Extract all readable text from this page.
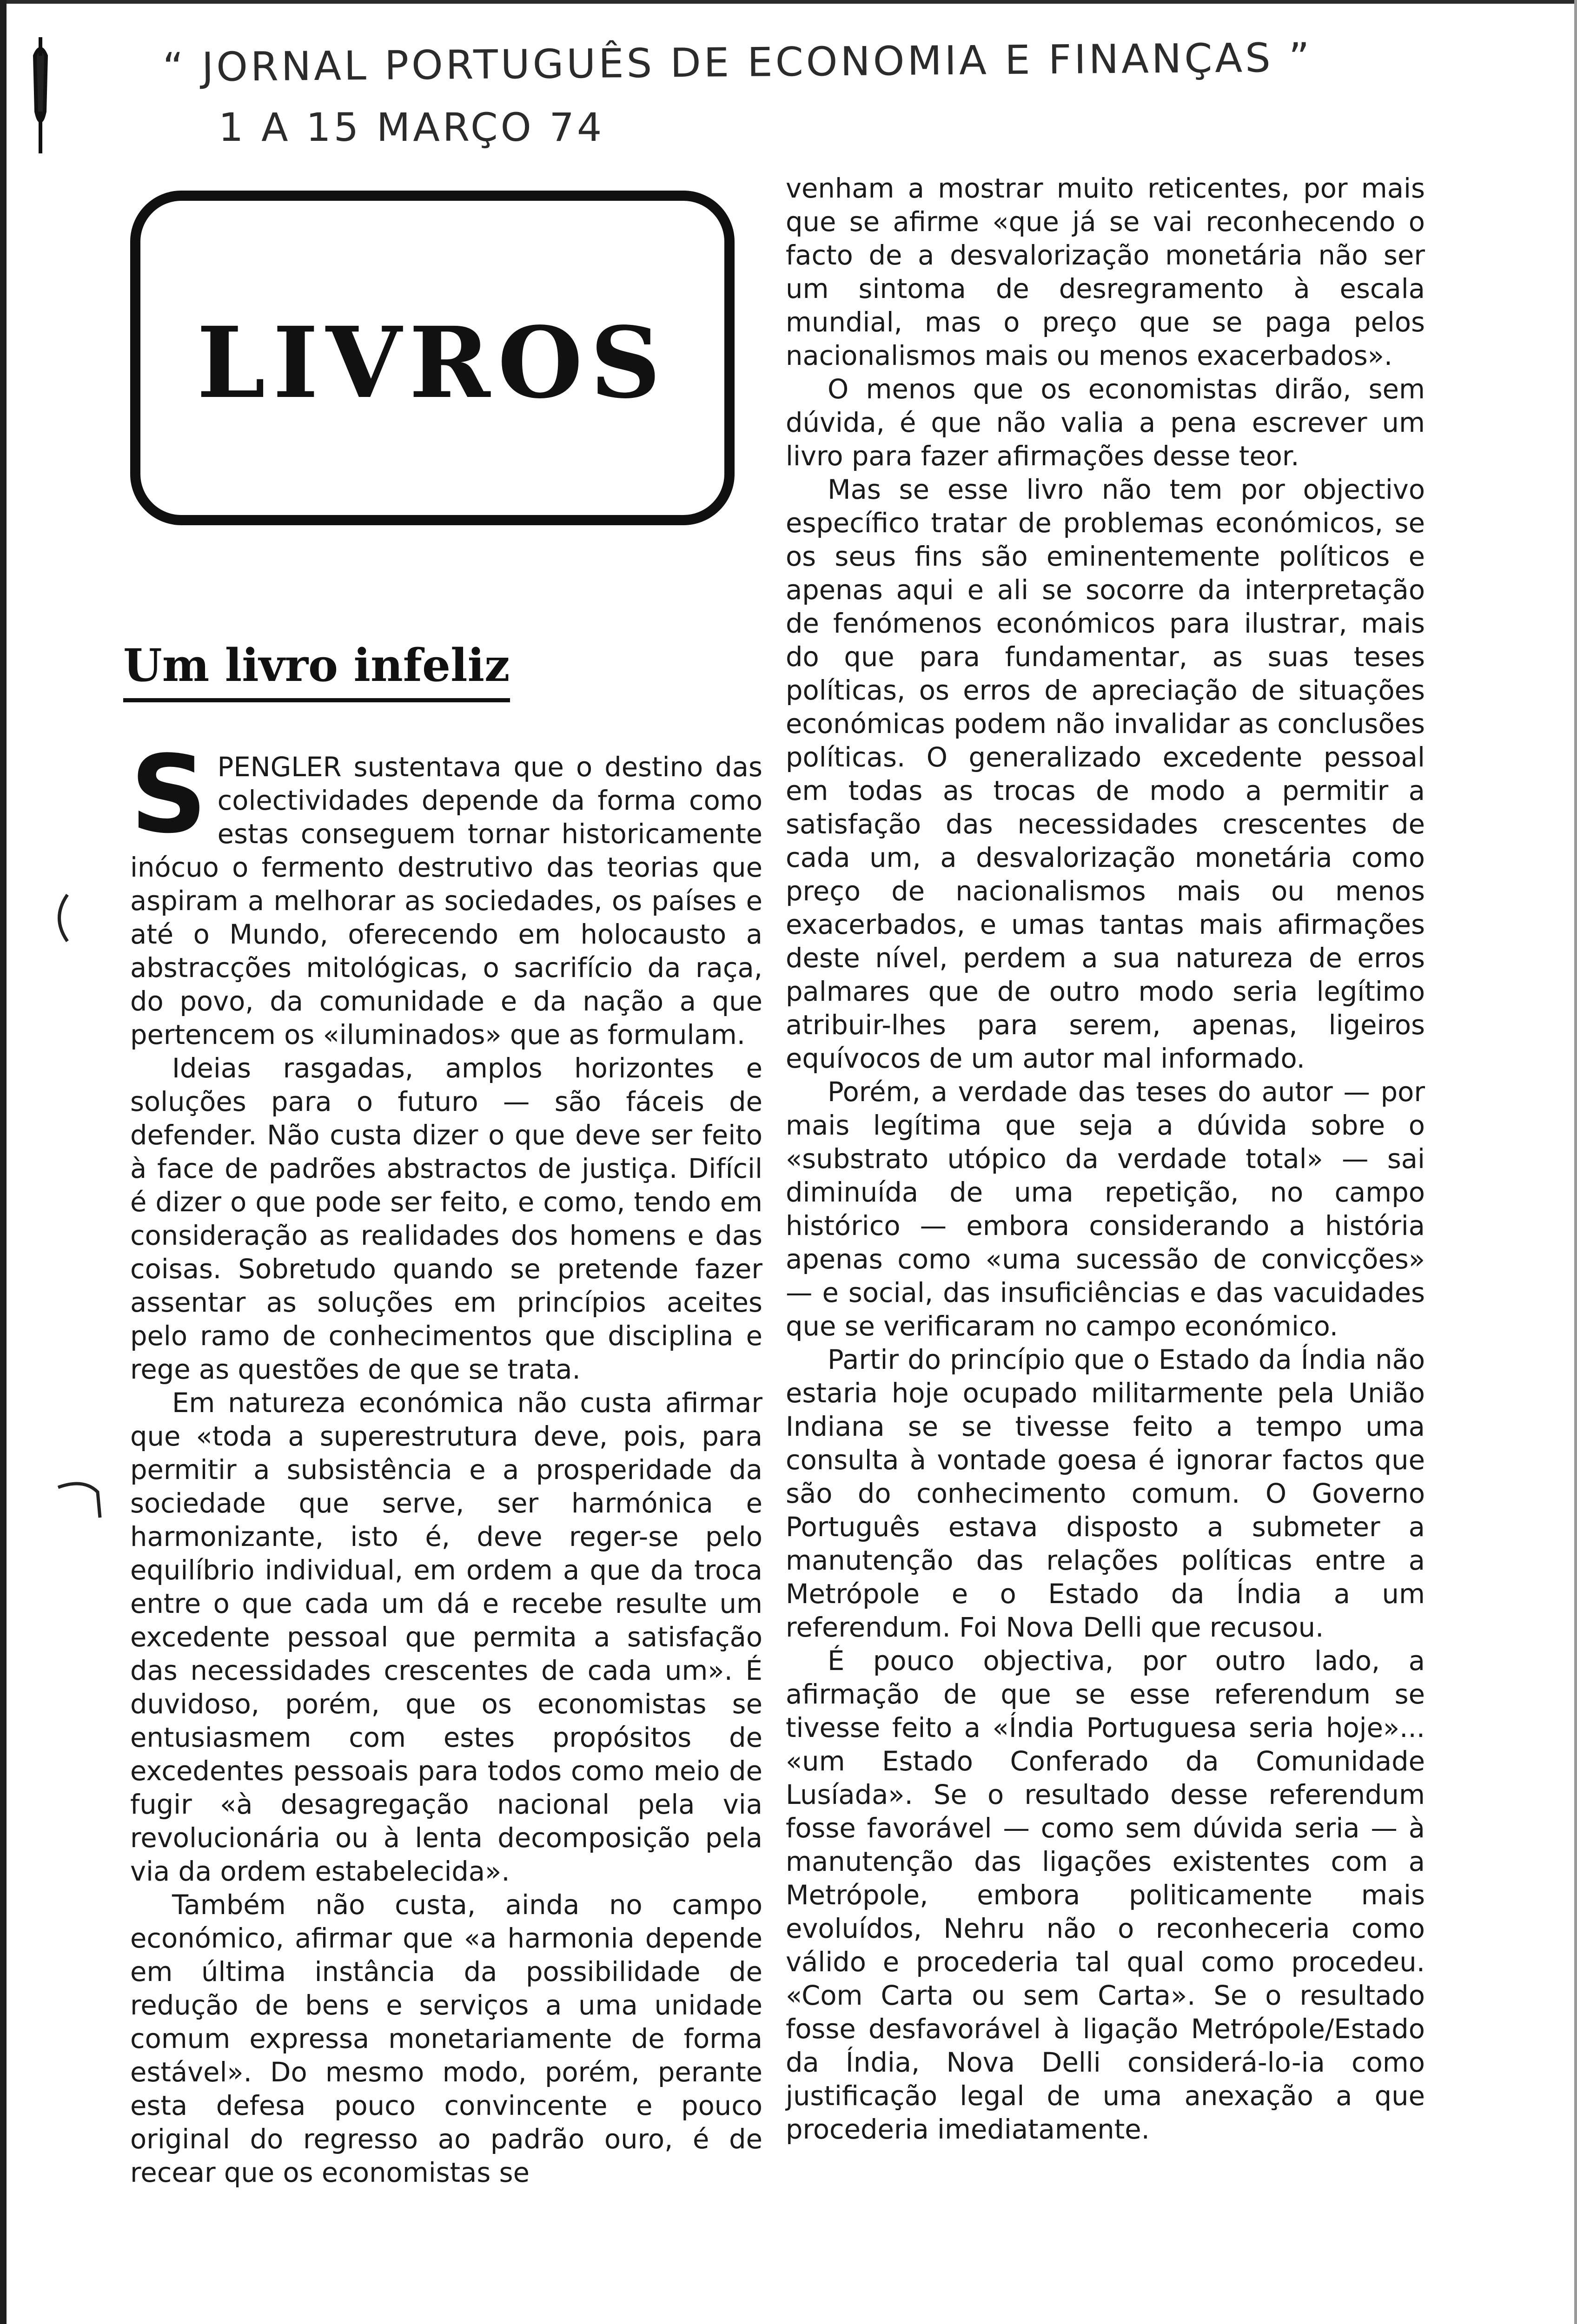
“ JORNAL PORTUGUÊS DE ECONOMIA E FINANÇAS ”
1 A 15 MARÇO 74
LIVROS
Um livro infeliz

SPENGLER sustentava que o destino das colectividades depende da forma como estas conseguem tornar historicamente inócuo o fermento destrutivo das teorias que aspiram a melhorar as sociedades, os países e até o Mundo, oferecendo em holocausto a abstracções mitológicas, o sacrifício da raça, do povo, da comunidade e da nação a que pertencem os «iluminados» que as formulam.

Ideias rasgadas, amplos horizontes e soluções para o futuro — são fáceis de defender. Não custa dizer o que deve ser feito à face de padrões abstractos de justiça. Difícil é dizer o que pode ser feito, e como, tendo em consideração as realidades dos homens e das coisas. Sobretudo quando se pretende fazer assentar as soluções em princípios aceites pelo ramo de conhecimentos que disciplina e rege as questões de que se trata.

Em natureza económica não custa afirmar que «toda a superestrutura deve, pois, para permitir a subsistência e a prosperidade da sociedade que serve, ser harmónica e harmonizante, isto é, deve reger-se pelo equilíbrio individual, em ordem a que da troca entre o que cada um dá e recebe resulte um excedente pessoal que permita a satisfação das necessidades crescentes de cada um». É duvidoso, porém, que os economistas se entusiasmem com estes propósitos de excedentes pessoais para todos como meio de fugir «à desagregação nacional pela via revolucionária ou à lenta decomposição pela via da ordem estabelecida».

Também não custa, ainda no campo económico, afirmar que «a harmonia depende em última instância da possibilidade de redução de bens e serviços a uma unidade comum expressa monetariamente de forma estável». Do mesmo modo, porém, perante esta defesa pouco convincente e pouco original do regresso ao padrão ouro, é de recear que os economistas se

venham a mostrar muito reticentes, por mais que se afirme «que já se vai reconhecendo o facto de a desvalorização monetária não ser um sintoma de desregramento à escala mundial, mas o preço que se paga pelos nacionalismos mais ou menos exacerbados».

O menos que os economistas dirão, sem dúvida, é que não valia a pena escrever um livro para fazer afirmações desse teor.

Mas se esse livro não tem por objectivo específico tratar de problemas económicos, se os seus fins são eminentemente políticos e apenas aqui e ali se socorre da interpretação de fenómenos económicos para ilustrar, mais do que para fundamentar, as suas teses políticas, os erros de apreciação de situações económicas podem não invalidar as conclusões políticas. O generalizado excedente pessoal em todas as trocas de modo a permitir a satisfação das necessidades crescentes de cada um, a desvalorização monetária como preço de nacionalismos mais ou menos exacerbados, e umas tantas mais afirmações deste nível, perdem a sua natureza de erros palmares que de outro modo seria legítimo atribuir-lhes para serem, apenas, ligeiros equívocos de um autor mal informado.

Porém, a verdade das teses do autor — por mais legítima que seja a dúvida sobre o «substrato utópico da verdade total» — sai diminuída de uma repetição, no campo histórico — embora considerando a história apenas como «uma sucessão de convicções» — e social, das insuficiências e das vacuidades que se verificaram no campo económico.

Partir do princípio que o Estado da Índia não estaria hoje ocupado militarmente pela União Indiana se se tivesse feito a tempo uma consulta à vontade goesa é ignorar factos que são do conhecimento comum. O Governo Português estava disposto a submeter a manutenção das relações políticas entre a Metrópole e o Estado da Índia a um referendum. Foi Nova Delli que recusou.

É pouco objectiva, por outro lado, a afirmação de que se esse referendum se tivesse feito a «Índia Portuguesa seria hoje»... «um Estado Conferado da Comunidade Lusíada». Se o resultado desse referendum fosse favorável — como sem dúvida seria — à manutenção das ligações existentes com a Metrópole, embora politicamente mais evoluídos, Nehru não o reconheceria como válido e procederia tal qual como procedeu. «Com Carta ou sem Carta». Se o resultado fosse desfavorável à ligação Metrópole/Estado da Índia, Nova Delli considerá-lo-ia como justificação legal de uma anexação a que procederia imediatamente.
